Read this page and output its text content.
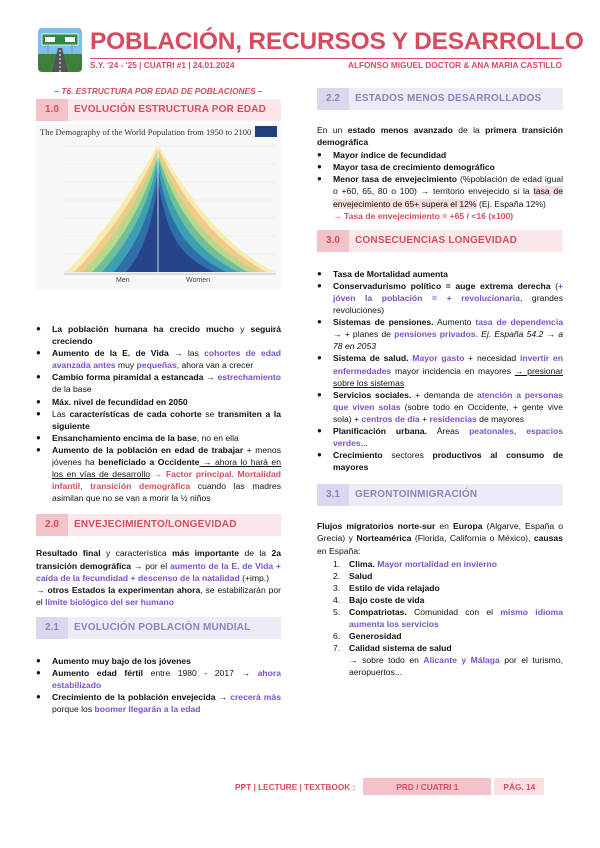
POBLACIÓN, RECURSOS Y DESARROLLO
S.Y. '24 - '25 | CUATRI #1 | 24.01.2024	ALFONSO MIGUEL DOCTOR & ANA MARIA CASTILLO
– T6. ESTRUCTURA POR EDAD DE POBLACIONES –
1.0	EVOLUCIÓN ESTRUCTURA POR EDAD
The Demography of the World Population from 1950 to 2100
Men	Women
● La población humana ha crecido mucho y seguirá creciendo
● Aumento de la E. de Vida → las cohortes de edad avanzada antes muy pequeñas, ahora van a crecer
● Cambio forma piramidal a estancada → estrechamiento de la base
● Máx. nivel de fecundidad en 2050
● Las características de cada cohorte se transmiten a la siguiente
● Ensanchamiento encima de la base, no en ella
● Aumento de la población en edad de trabajar + menos jóvenes ha beneficiado a Occidente → ahora lo hará en los en vías de desarrollo → Factor principal. Mortalidad infantil, transición demográfica cuando las madres asimilan que no se van a morir la ½ niños
2.0	ENVEJECIMIENTO/LONGEVIDAD

Resultado final y característica más importante de la 2a transición demográfica → por el aumento de la E. de Vida + caída de la fecundidad + descenso de la natalidad (+imp.)
→ otros Estados la experimentan ahora, se estabilizarán por el límite biológico del ser humano

2.1	EVOLUCIÓN POBLACIÓN MUNDIAL
● Aumento muy bajo de los jóvenes
● Aumento edad fértil entre 1980 - 2017 → ahora estabilizado
● Crecimiento de la población envejecida → crecerá más porque los boomer llegarán a la edad
2.2	ESTADOS MENOS DESARROLLADOS

En un estado menos avanzado de la primera transición demográfica

● Mayor índice de fecundidad
● Mayor tasa de crecimiento demográfico
● Menor tasa de envejecimiento (%población de edad igual o +60, 65, 80 o 100) → territorio envejecido si la tasa de envejecimiento de 65+ supera el 12% (Ej. España 12%)
→ Tasa de envejecimiento = +65 / <16 (x100)
3.0	CONSECUENCIAS LONGEVIDAD
● Tasa de Mortalidad aumenta
● Conservadurismo político = auge extrema derecha (+ jóven la población = + revolucionaria, grandes revoluciones)
● Sistemas de pensiones. Aumento tasa de dependencia → + planes de pensiones privados. Ej. España 54.2 → a 78 en 2053
● Sistema de salud. Mayor gasto + necesidad invertir en enfermedades mayor incidencia en mayores → presionar sobre los sistemas
● Servicios sociales. + demanda de atención a personas que viven solas (sobre todo en Occidente, + gente vive sola) + centros de día + residencias de mayores
● Planificación urbana. Áreas peatonales, espacios verdes...
● Crecimiento sectores productivos al consumo de mayores
3.1	GERONTOINMIGRACIÓN

Flujos migratorios norte-sur en Europa (Algarve, España o Grecia) y Norteamérica (Florida, California o México), causas en España:

1. Clima. Mayor mortalidad en invierno
2. Salud
3. Estilo de vida relajado
4. Bajo coste de vida
5. Compatriotas. Comunidad con el mismo idioma aumenta los servicios
6. Generosidad
7. Calidad sistema de salud
→ sobre todo en Alicante y Málaga por el turismo, aeropuertos...
PPT | LECTURE | TEXTBOOK :	PRD / CUATRI 1	PÁG. 14
